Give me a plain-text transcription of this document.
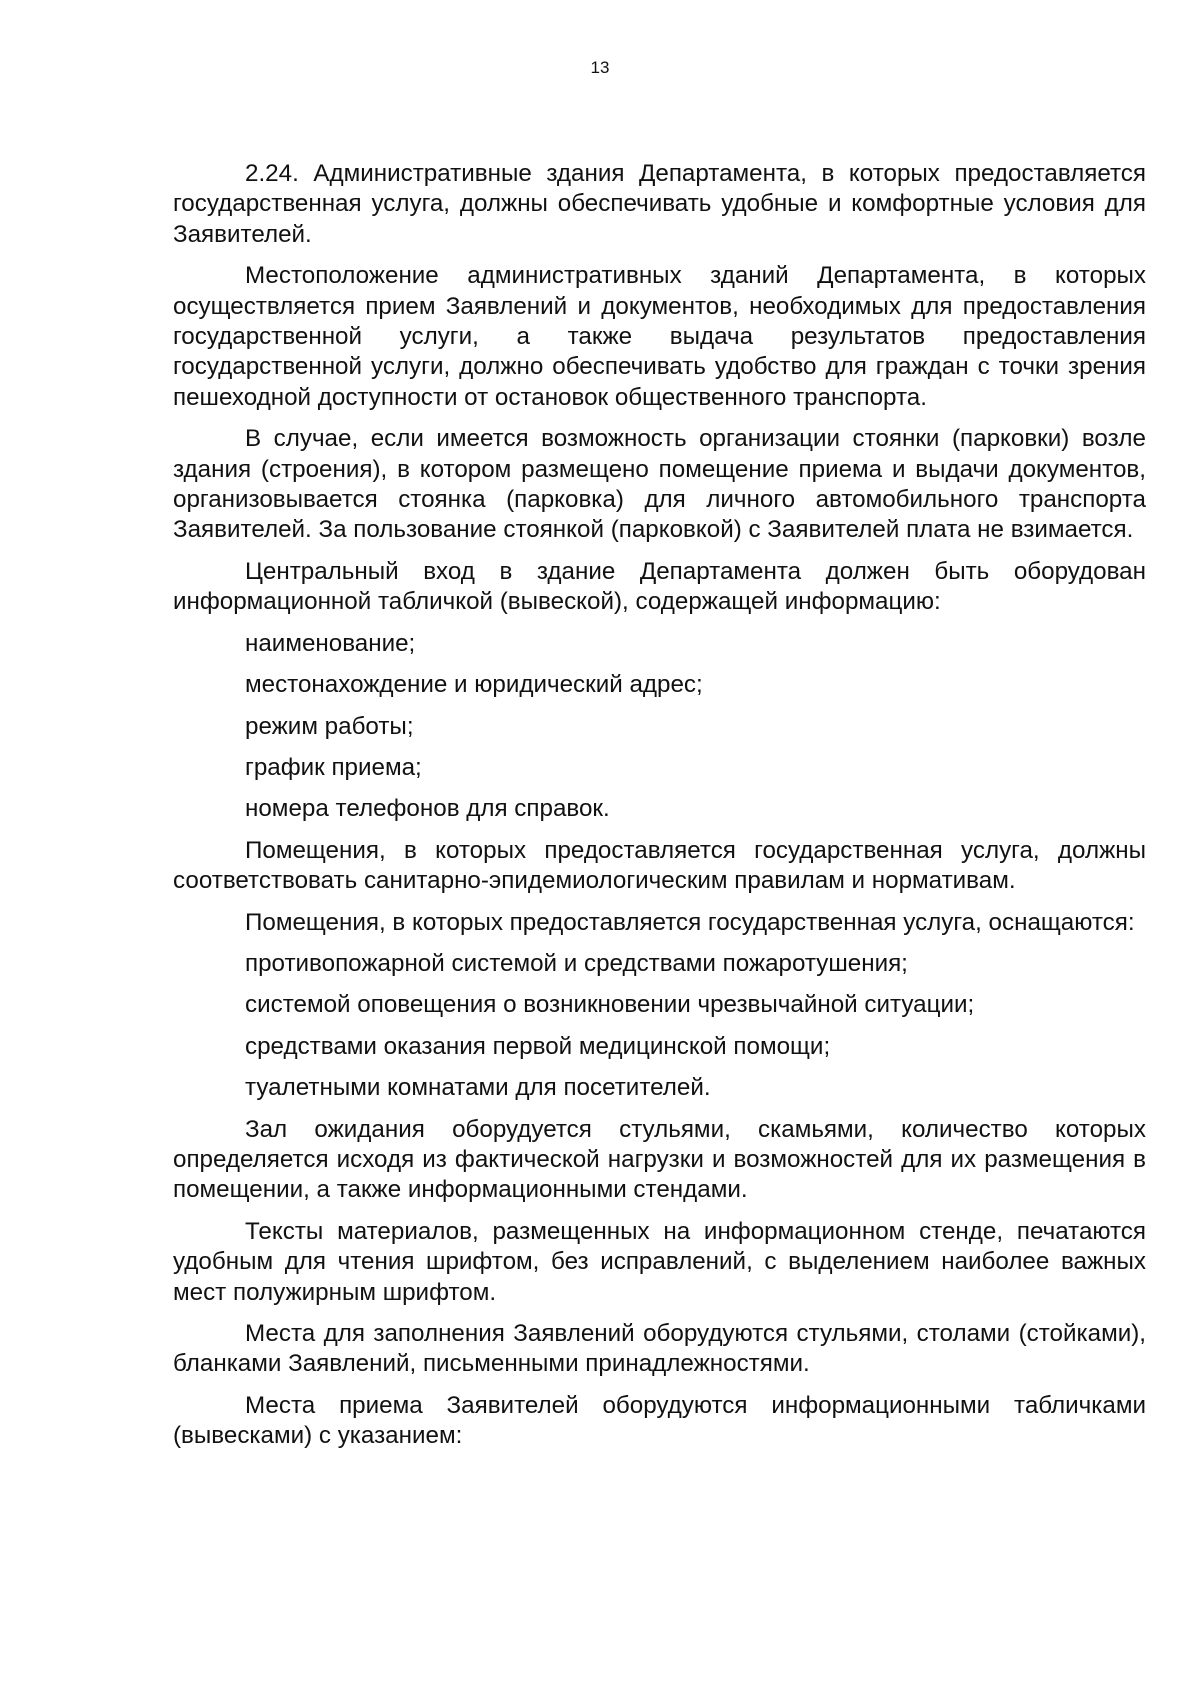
13

2.24. Административные здания Департамента, в которых предоставляется государственная услуга, должны обеспечивать удобные и комфортные условия для Заявителей.

Местоположение административных зданий Департамента, в которых осуществляется прием Заявлений и документов, необходимых для предоставления государственной услуги, а также выдача результатов предоставления государственной услуги, должно обеспечивать удобство для граждан с точки зрения пешеходной доступности от остановок общественного транспорта.

В случае, если имеется возможность организации стоянки (парковки) возле здания (строения), в котором размещено помещение приема и выдачи документов, организовывается стоянка (парковка) для личного автомобильного транспорта Заявителей. За пользование стоянкой (парковкой) с Заявителей плата не взимается.

Центральный вход в здание Департамента должен быть оборудован информационной табличкой (вывеской), содержащей информацию:

наименование;

местонахождение и юридический адрес;

режим работы;

график приема;

номера телефонов для справок.

Помещения, в которых предоставляется государственная услуга, должны соответствовать санитарно-эпидемиологическим правилам и нормативам.

Помещения, в которых предоставляется государственная услуга, оснащаются:

противопожарной системой и средствами пожаротушения;

системой оповещения о возникновении чрезвычайной ситуации;

средствами оказания первой медицинской помощи;

туалетными комнатами для посетителей.

Зал ожидания оборудуется стульями, скамьями, количество которых определяется исходя из фактической нагрузки и возможностей для их размещения в помещении, а также информационными стендами.

Тексты материалов, размещенных на информационном стенде, печатаются удобным для чтения шрифтом, без исправлений, с выделением наиболее важных мест полужирным шрифтом.

Места для заполнения Заявлений оборудуются стульями, столами (стойками), бланками Заявлений, письменными принадлежностями.

Места приема Заявителей оборудуются информационными табличками (вывесками) с указанием:
